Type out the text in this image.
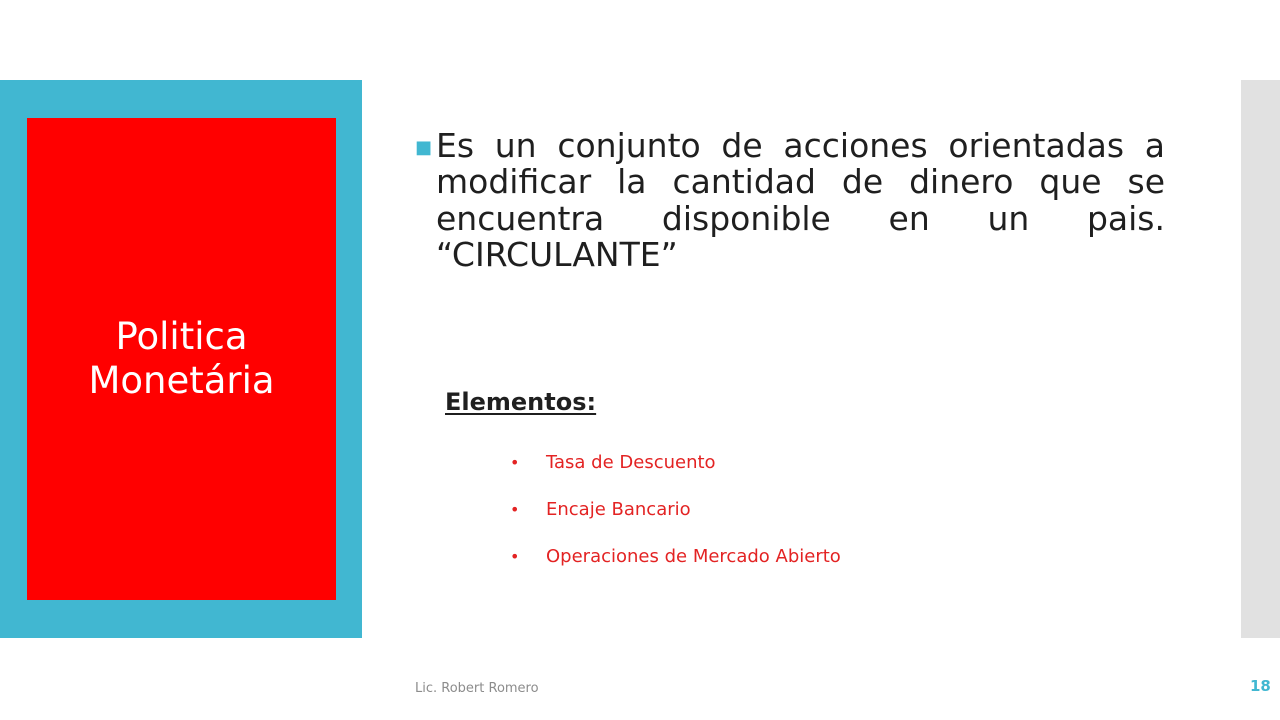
Politica Monetária
■ Es un conjunto de acciones orientadas a modificar la cantidad de dinero que se encuentra disponible en un pais. “CIRCULANTE”
Elementos:
•	Tasa de Descuento
•	Encaje Bancario
•	Operaciones de Mercado Abierto
Lic. Robert Romero	18
